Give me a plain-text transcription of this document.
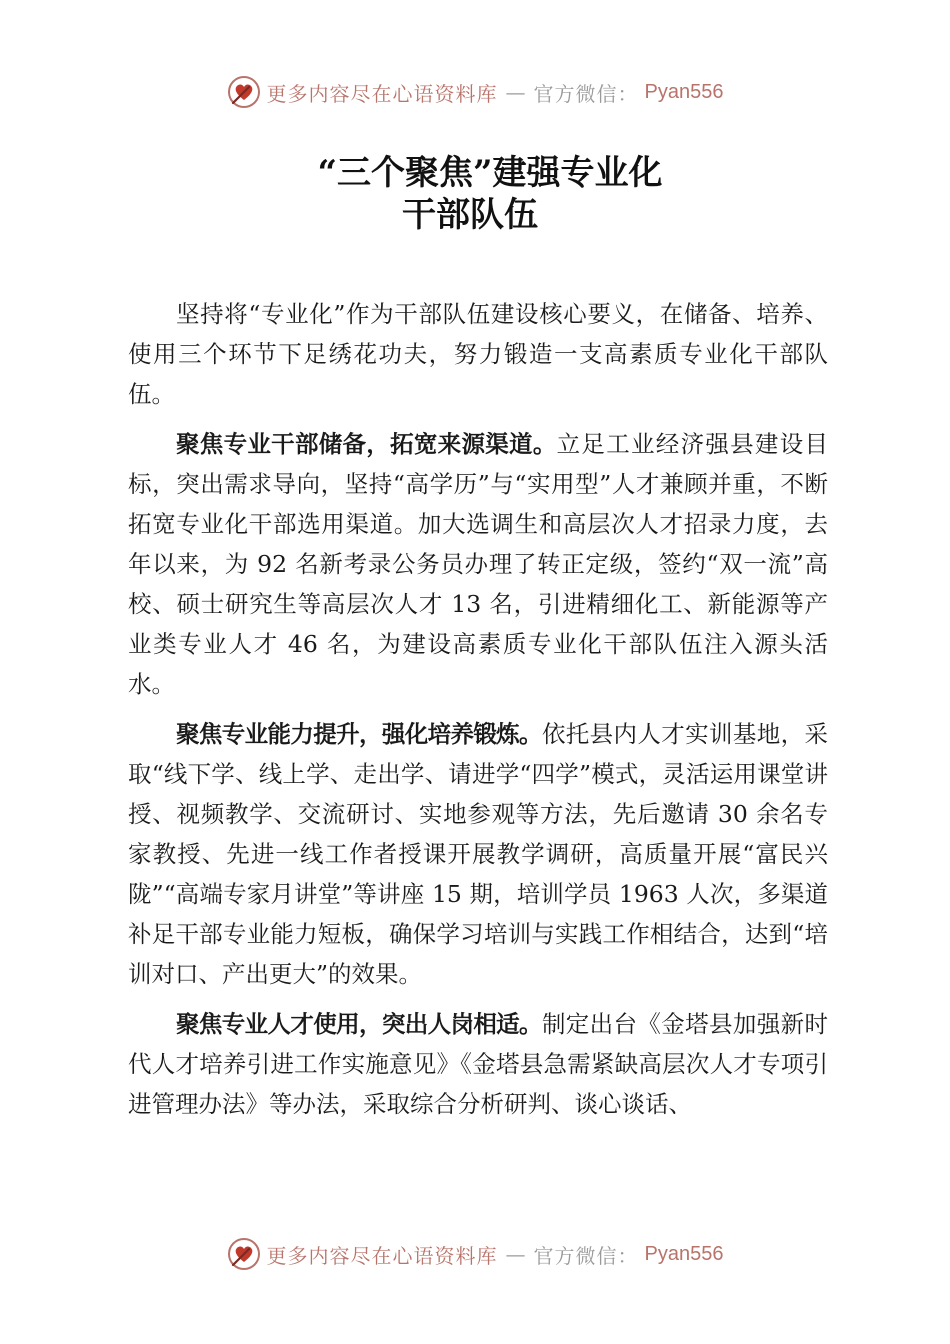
更多内容尽在心语资料库 — 官方微信： Pyan556
“三个聚焦”建强专业化
干部队伍

坚持将“专业化”作为干部队伍建设核心要义，在储备、培养、使用三个环节下足绣花功夫，努力锻造一支高素质专业化干部队伍。

聚焦专业干部储备，拓宽来源渠道。立足工业经济强县建设目标，突出需求导向，坚持“高学历”与“实用型”人才兼顾并重，不断拓宽专业化干部选用渠道。加大选调生和高层次人才招录力度，去年以来，为 92 名新考录公务员办理了转正定级，签约“双一流”高校、硕士研究生等高层次人才 13 名，引进精细化工、新能源等产业类专业人才 46 名，为建设高素质专业化干部队伍注入源头活水。

聚焦专业能力提升，强化培养锻炼。依托县内人才实训基地，采取“线下学、线上学、走出学、请进学“四学”模式，灵活运用课堂讲授、视频教学、交流研讨、实地参观等方法，先后邀请 30 余名专家教授、先进一线工作者授课开展教学调研，高质量开展“富民兴陇”“高端专家月讲堂”等讲座 15 期，培训学员 1963 人次，多渠道补足干部专业能力短板，确保学习培训与实践工作相结合，达到“培训对口、产出更大”的效果。

聚焦专业人才使用，突出人岗相适。制定出台《金塔县加强新时代人才培养引进工作实施意见》《金塔县急需紧缺高层次人才专项引进管理办法》等办法，采取综合分析研判、谈心谈话、

更多内容尽在心语资料库 — 官方微信： Pyan556
